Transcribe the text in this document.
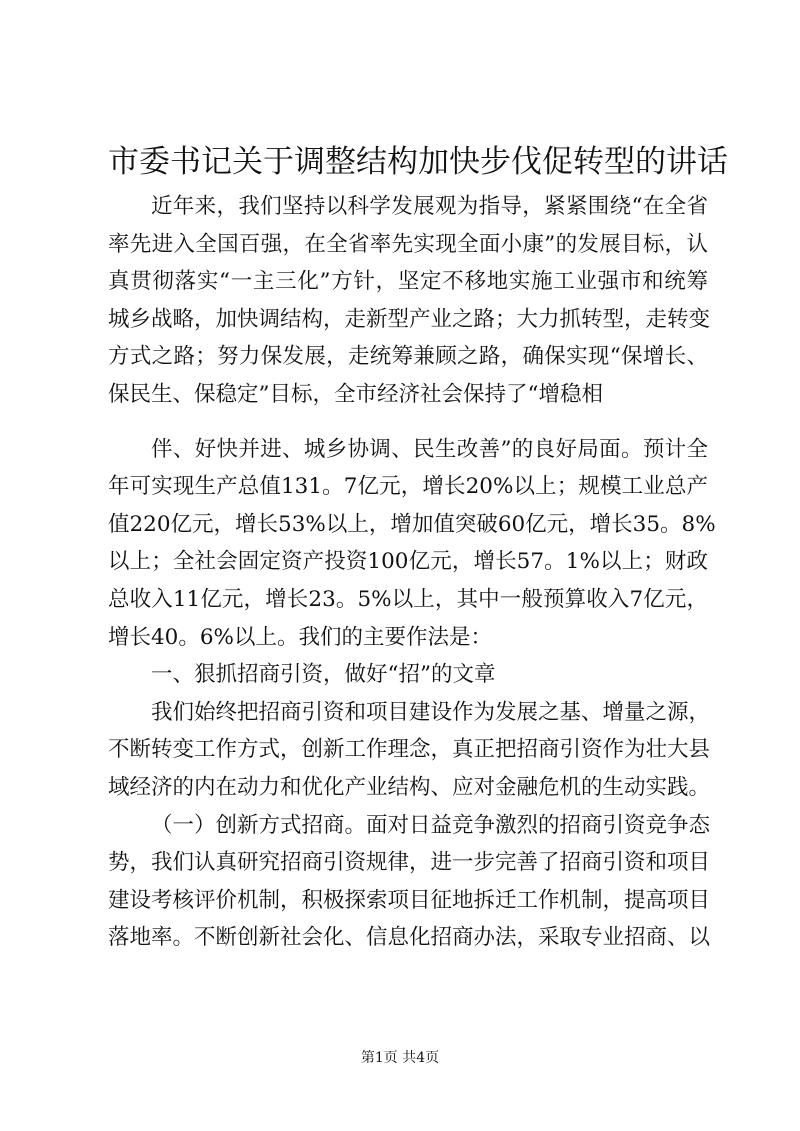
市委书记关于调整结构加快步伐促转型的讲话
近年来，我们坚持以科学发展观为指导，紧紧围绕“在全省
率先进入全国百强，在全省率先实现全面小康”的发展目标，认
真贯彻落实“一主三化”方针，坚定不移地实施工业强市和统筹
城乡战略，加快调结构，走新型产业之路；大力抓转型，走转变
方式之路；努力保发展，走统筹兼顾之路，确保实现“保增长、
保民生、保稳定”目标，全市经济社会保持了“增稳相
伴、好快并进、城乡协调、民生改善”的良好局面。预计全
年可实现生产总值131。7亿元，增长20%以上；规模工业总产
值220亿元，增长53%以上，增加值突破60亿元，增长35。8%
以上；全社会固定资产投资100亿元，增长57。1%以上；财政
总收入11亿元，增长23。5%以上，其中一般预算收入7亿元，
增长40。6%以上。我们的主要作法是：
一、狠抓招商引资，做好“招”的文章
我们始终把招商引资和项目建设作为发展之基、增量之源，
不断转变工作方式，创新工作理念，真正把招商引资作为壮大县
域经济的内在动力和优化产业结构、应对金融危机的生动实践。
（一）创新方式招商。面对日益竞争激烈的招商引资竞争态
势，我们认真研究招商引资规律，进一步完善了招商引资和项目
建设考核评价机制，积极探索项目征地拆迁工作机制，提高项目
落地率。不断创新社会化、信息化招商办法，采取专业招商、以
第1页 共4页
